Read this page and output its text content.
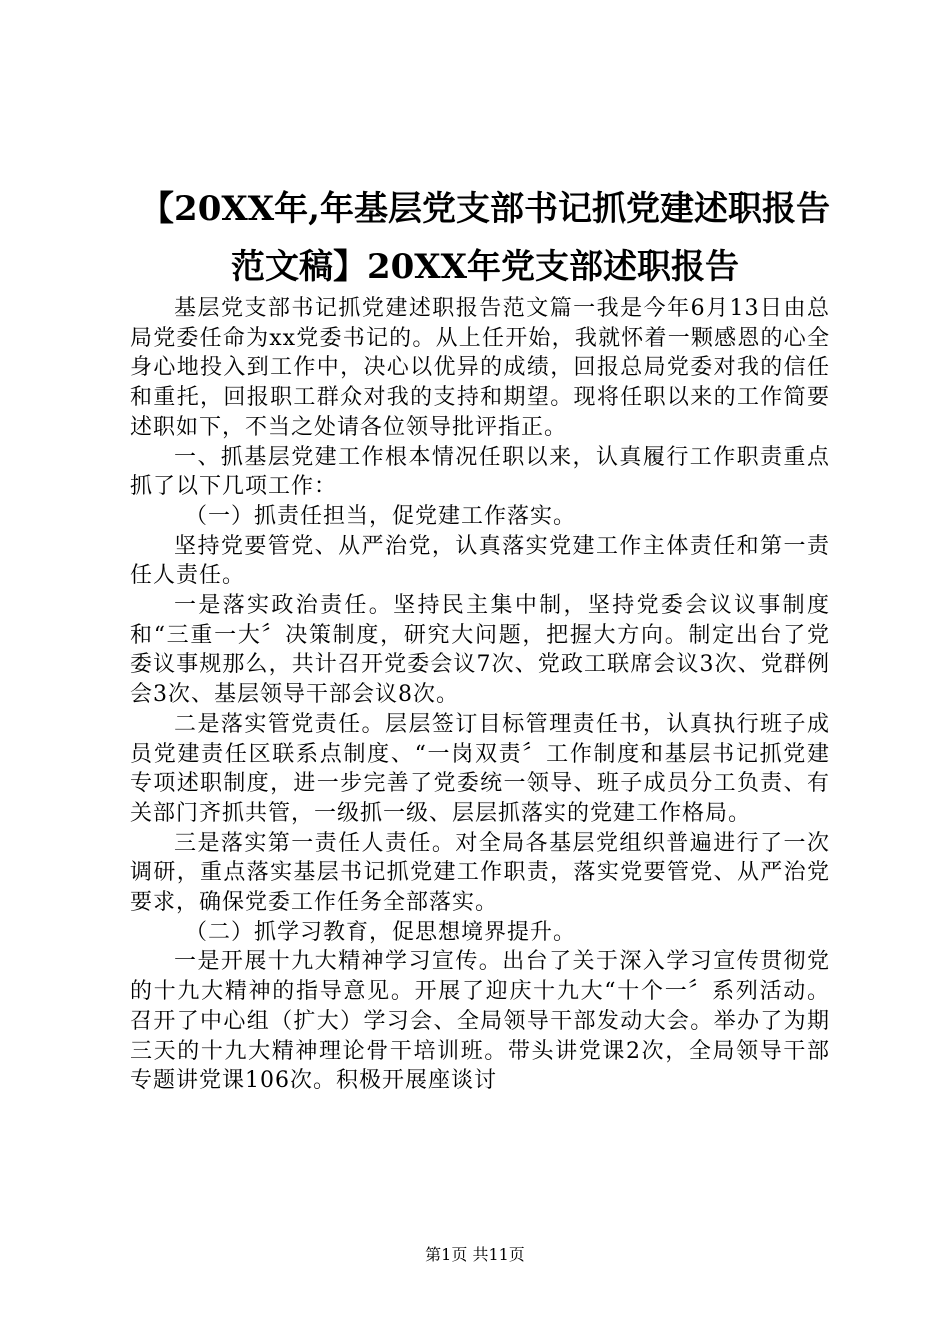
【20XX年,年基层党支部书记抓党建述职报告
范文稿】20XX年党支部述职报告

基层党支部书记抓党建述职报告范文篇一我是今年6月13日由总局党委任命为xx党委书记的。从上任开始，我就怀着一颗感恩的心全身心地投入到工作中，决心以优异的成绩，回报总局党委对我的信任和重托，回报职工群众对我的支持和期望。现将任职以来的工作简要述职如下，不当之处请各位领导批评指正。

一、抓基层党建工作根本情况任职以来，认真履行工作职责重点抓了以下几项工作：

（一）抓责任担当，促党建工作落实。

坚持党要管党、从严治党，认真落实党建工作主体责任和第一责任人责任。

一是落实政治责任。坚持民主集中制，坚持党委会议议事制度和“三重一大〞决策制度，研究大问题，把握大方向。制定出台了党委议事规那么，共计召开党委会议7次、党政工联席会议3次、党群例会3次、基层领导干部会议8次。

二是落实管党责任。层层签订目标管理责任书，认真执行班子成员党建责任区联系点制度、“一岗双责〞工作制度和基层书记抓党建专项述职制度，进一步完善了党委统一领导、班子成员分工负责、有关部门齐抓共管，一级抓一级、层层抓落实的党建工作格局。

三是落实第一责任人责任。对全局各基层党组织普遍进行了一次调研，重点落实基层书记抓党建工作职责，落实党要管党、从严治党要求，确保党委工作任务全部落实。

（二）抓学习教育，促思想境界提升。

一是开展十九大精神学习宣传。出台了关于深入学习宣传贯彻党的十九大精神的指导意见。开展了迎庆十九大“十个一〞系列活动。召开了中心组（扩大）学习会、全局领导干部发动大会。举办了为期三天的十九大精神理论骨干培训班。带头讲党课2次，全局领导干部专题讲党课106次。积极开展座谈讨

第1页 共11页
